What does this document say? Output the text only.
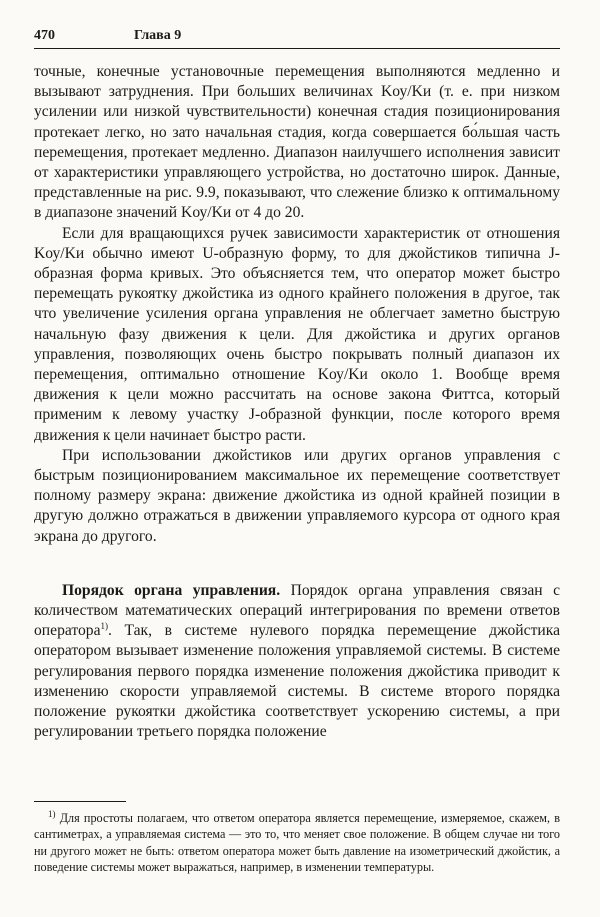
470	Глава 9

точные, конечные установочные перемещения выполняются медленно и вызывают затруднения. При больших величинах Kоу/Kи (т. е. при низком усилении или низкой чувствительности) конечная стадия позиционирования протекает легко, но зато начальная стадия, когда совершается бо́льшая часть перемещения, протекает медленно. Диапазон наилучшего исполнения зависит от характеристики управляющего устройства, но достаточно широк. Данные, представленные на рис. 9.9, показывают, что слежение близко к оптимальному в диапазоне значений Kоу/Kи от 4 до 20.

Если для вращающихся ручек зависимости характеристик от отношения Kоу/Kи обычно имеют U-образную форму, то для джойстиков типична J-образная форма кривых. Это объясняется тем, что оператор может быстро перемещать рукоятку джойстика из одного крайнего положения в другое, так что увеличение усиления органа управления не облегчает заметно быструю начальную фазу движения к цели. Для джойстика и других органов управления, позволяющих очень быстро покрывать полный диапазон их перемещения, оптимально отношение Kоу/Kи около 1. Вообще время движения к цели можно рассчитать на основе закона Фиттса, который применим к левому участку J-образной функции, после которого время движения к цели начинает быстро расти.

При использовании джойстиков или других органов управления с быстрым позиционированием максимальное их перемещение соответствует полному размеру экрана: движение джойстика из одной крайней позиции в другую должно отражаться в движении управляемого курсора от одного края экрана до другого.

Порядок органа управления. Порядок органа управления связан с количеством математических операций интегрирования по времени ответов оператора$^{1)}$. Так, в системе нулевого порядка перемещение джойстика оператором вызывает изменение положения управляемой системы. В системе регулирования первого порядка изменение положения джойстика приводит к изменению скорости управляемой системы. В системе второго порядка положение рукоятки джойстика соответствует ускорению системы, а при регулировании третьего порядка положение

$^{1)}$ Для простоты полагаем, что ответом оператора является перемещение, измеряемое, скажем, в сантиметрах, а управляемая система — это то, что меняет свое положение. В общем случае ни того ни другого может не быть: ответом оператора может быть давление на изометрический джойстик, а поведение системы может выражаться, например, в изменении температуры.
